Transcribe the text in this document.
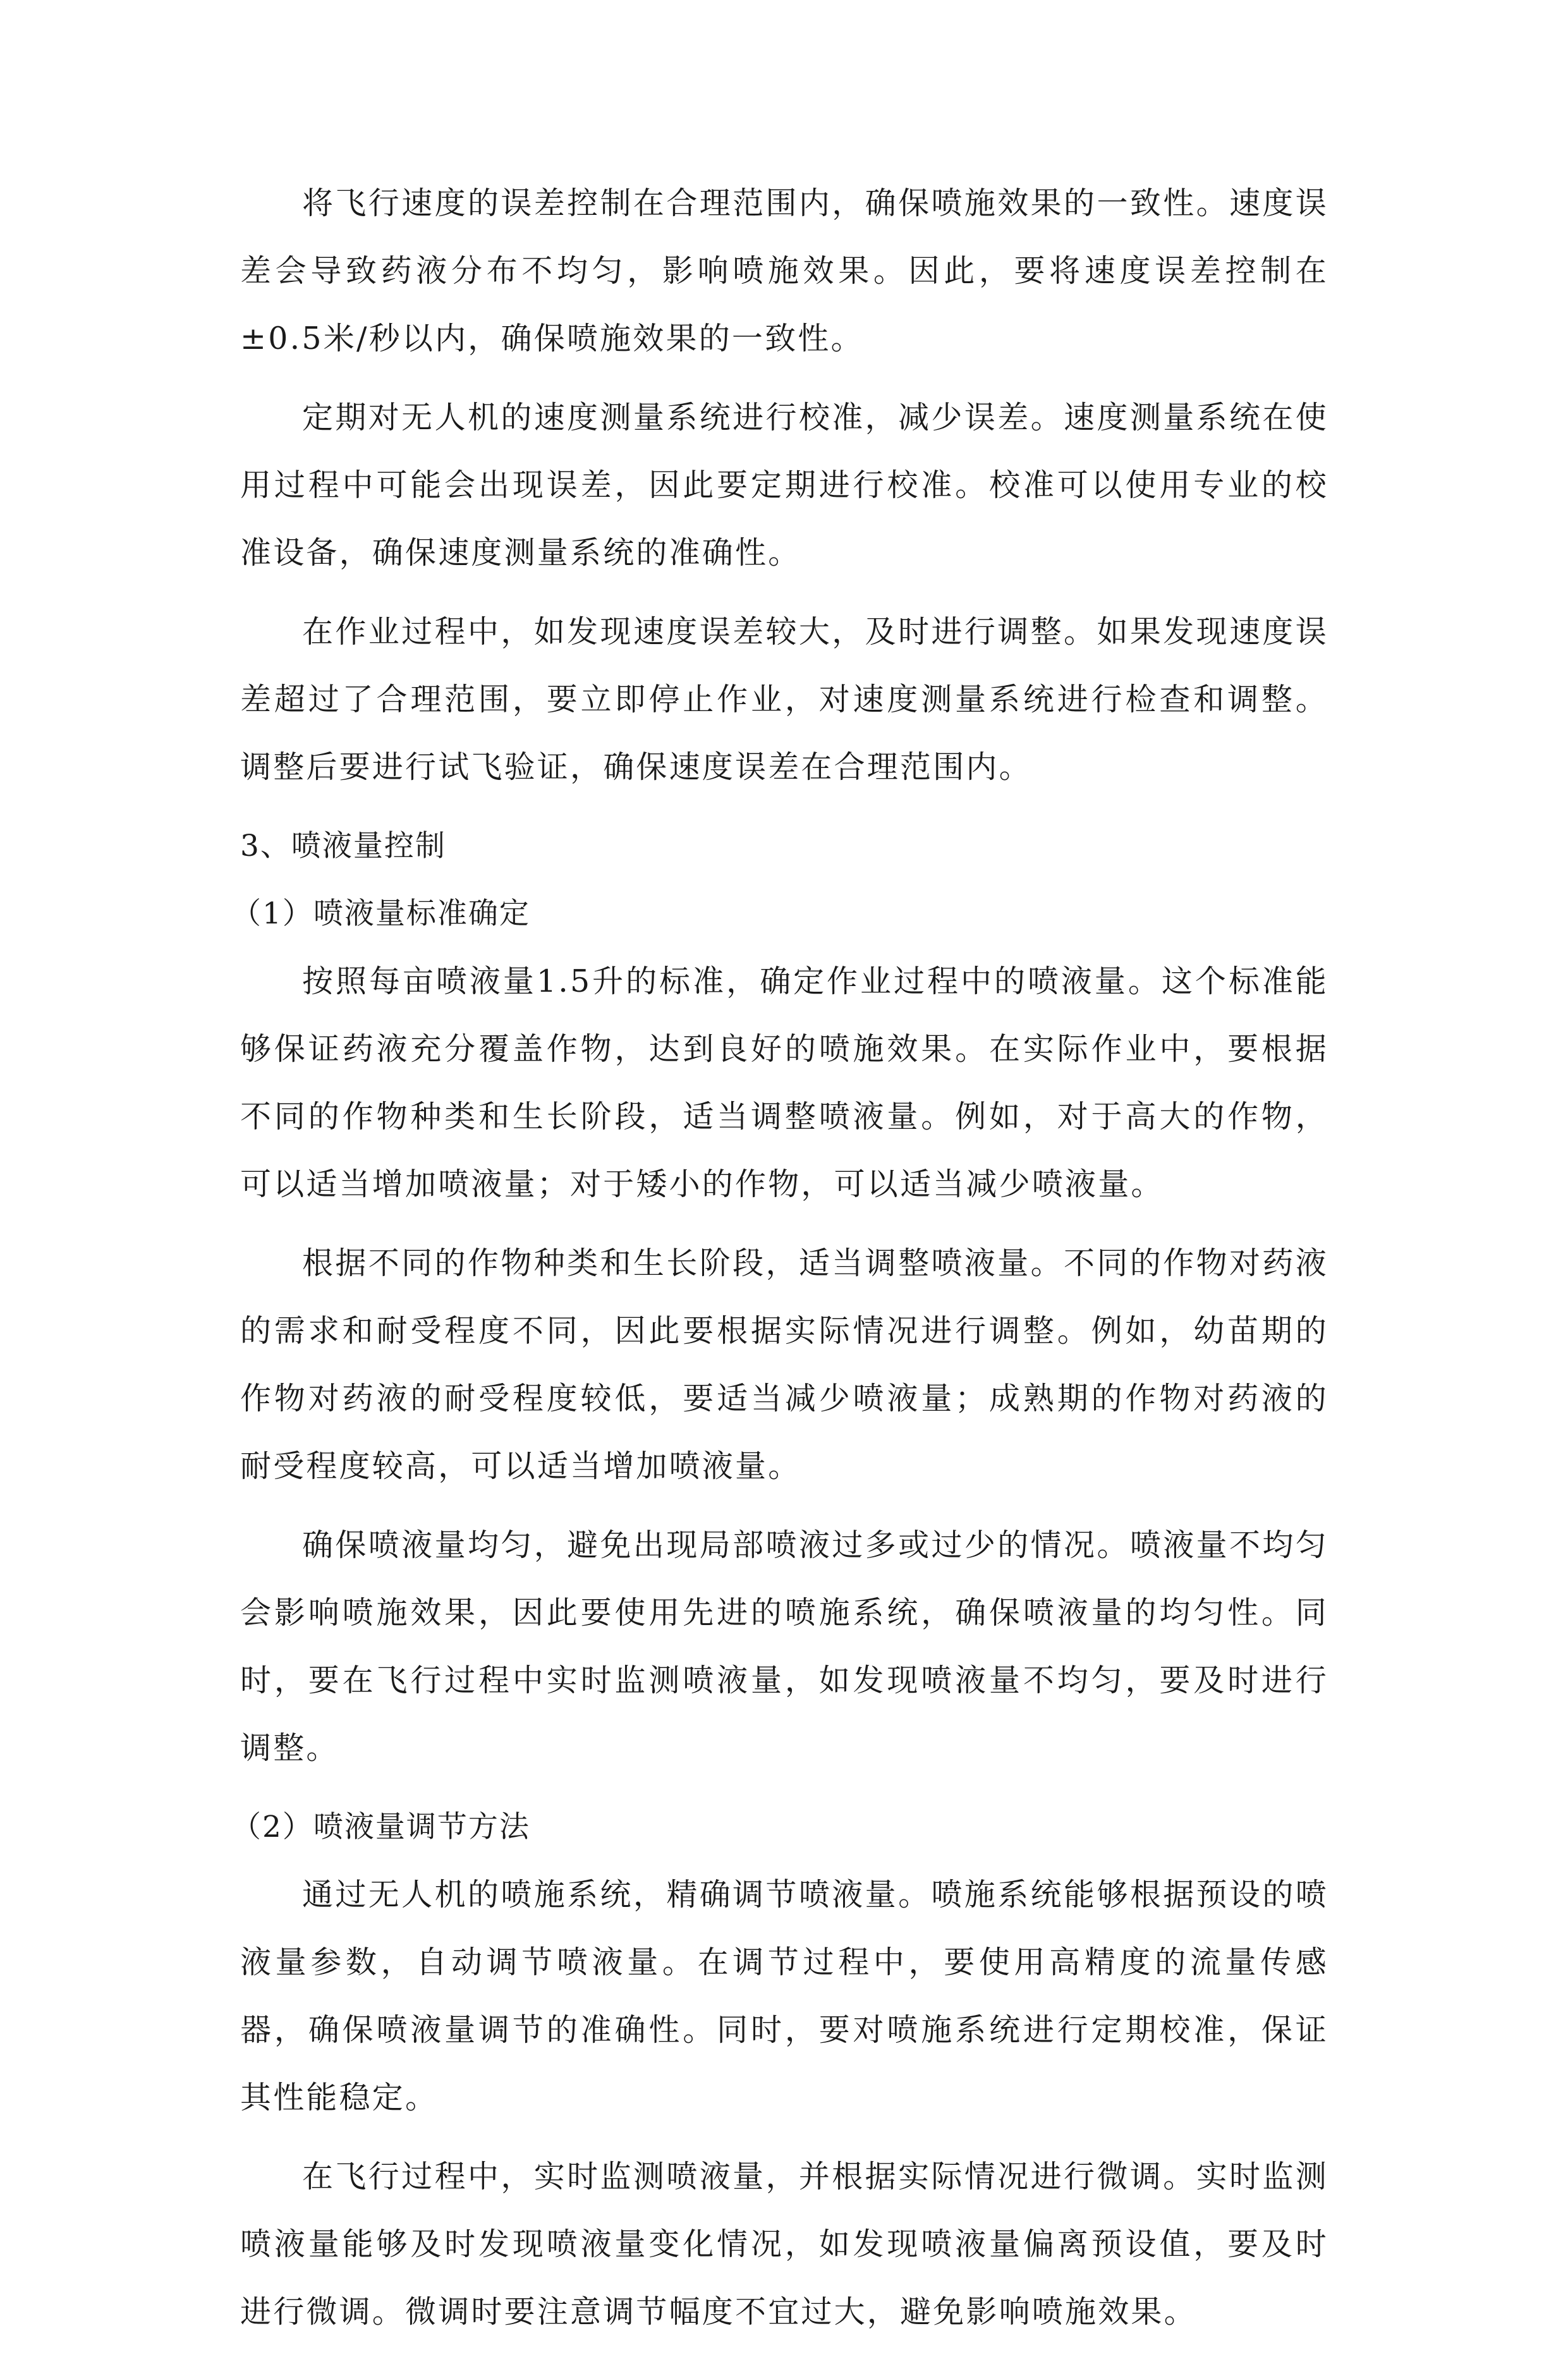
将飞行速度的误差控制在合理范围内，确保喷施效果的一致性。速度误差会导致药液分布不均匀，影响喷施效果。因此，要将速度误差控制在±0.5米/秒以内，确保喷施效果的一致性。

定期对无人机的速度测量系统进行校准，减少误差。速度测量系统在使用过程中可能会出现误差，因此要定期进行校准。校准可以使用专业的校准设备，确保速度测量系统的准确性。

在作业过程中，如发现速度误差较大，及时进行调整。如果发现速度误差超过了合理范围，要立即停止作业，对速度测量系统进行检查和调整。调整后要进行试飞验证，确保速度误差在合理范围内。

3、喷液量控制

（1）喷液量标准确定

按照每亩喷液量1.5升的标准，确定作业过程中的喷液量。这个标准能够保证药液充分覆盖作物，达到良好的喷施效果。在实际作业中，要根据不同的作物种类和生长阶段，适当调整喷液量。例如，对于高大的作物，可以适当增加喷液量；对于矮小的作物，可以适当减少喷液量。

根据不同的作物种类和生长阶段，适当调整喷液量。不同的作物对药液的需求和耐受程度不同，因此要根据实际情况进行调整。例如，幼苗期的作物对药液的耐受程度较低，要适当减少喷液量；成熟期的作物对药液的耐受程度较高，可以适当增加喷液量。

确保喷液量均匀，避免出现局部喷液过多或过少的情况。喷液量不均匀会影响喷施效果，因此要使用先进的喷施系统，确保喷液量的均匀性。同时，要在飞行过程中实时监测喷液量，如发现喷液量不均匀，要及时进行调整。

（2）喷液量调节方法

通过无人机的喷施系统，精确调节喷液量。喷施系统能够根据预设的喷液量参数，自动调节喷液量。在调节过程中，要使用高精度的流量传感器，确保喷液量调节的准确性。同时，要对喷施系统进行定期校准，保证其性能稳定。

在飞行过程中，实时监测喷液量，并根据实际情况进行微调。实时监测喷液量能够及时发现喷液量变化情况，如发现喷液量偏离预设值，要及时进行微调。微调时要注意调节幅度不宜过大，避免影响喷施效果。
